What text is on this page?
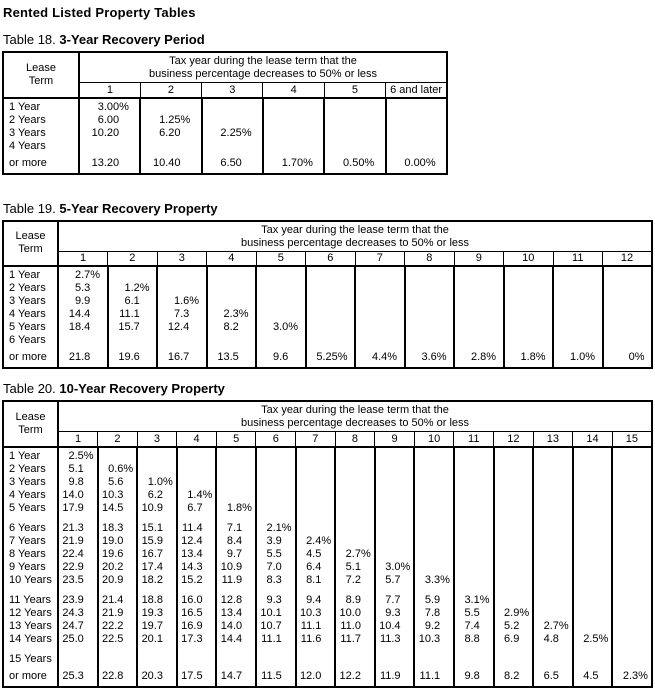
Rented Listed Property Tables
Table 18. 3-Year Recovery Period
Lease
Term

Tax year during the lease term that the
business percentage decreases to 50% or less

	1	2	3	4	5	6 and later

1 Year	3.00%					

2 Years	6.00	1.25%				

3 Years	10.20	6.20	2.25%			

4 Years
or more	13.20	10.40	6.50	1.70%	0.50%	0.00%
Table 19. 5-Year Recovery Property
Lease
Term

Tax year during the lease term that the
business percentage decreases to 50% or less

	1	2	3	4	5	6	7	8	9	10	11	12

1 Year	2.7%											

2 Years	5.3	1.2%										

3 Years	9.9	6.1	1.6%									

4 Years	14.4	11.1	7.3	2.3%								

5 Years	18.4	15.7	12.4	8.2	3.0%							

6 Years
or more	21.8	19.6	16.7	13.5	9.6	5.25%	4.4%	3.6%	2.8%	1.8%	1.0%	0%
Table 20. 10-Year Recovery Property
Lease
Term

Tax year during the lease term that the
business percentage decreases to 50% or less

	1	2	3	4	5	6	7	8	9	10	11	12	13	14	15

1 Year	2.5%														

2 Years	5.1	0.6%													

3 Years	9.8	5.6	1.0%												

4 Years	14.0	10.3	6.2	1.4%											

5 Years	17.9	14.5	10.9	6.7	1.8%										

6 Years	21.3	18.3	15.1	11.4	7.1	2.1%									

7 Years	21.9	19.0	15.9	12.4	8.4	3.9	2.4%								

8 Years	22.4	19.6	16.7	13.4	9.7	5.5	4.5	2.7%							

9 Years	22.9	20.2	17.4	14.3	10.9	7.0	6.4	5.1	3.0%						

10 Years	23.5	20.9	18.2	15.2	11.9	8.3	8.1	7.2	5.7	3.3%					

11 Years	23.9	21.4	18.8	16.0	12.8	9.3	9.4	8.9	7.7	5.9	3.1%				

12 Years	24.3	21.9	19.3	16.5	13.4	10.1	10.3	10.0	9.3	7.8	5.5	2.9%			

13 Years	24.7	22.2	19.7	16.9	14.0	10.7	11.1	11.0	10.4	9.2	7.4	5.2	2.7%		

14 Years	25.0	22.5	20.1	17.3	14.4	11.1	11.6	11.7	11.3	10.3	8.8	6.9	4.8	2.5%	

15 Years
or more	25.3	22.8	20.3	17.5	14.7	11.5	12.0	12.2	11.9	11.1	9.8	8.2	6.5	4.5	2.3%
